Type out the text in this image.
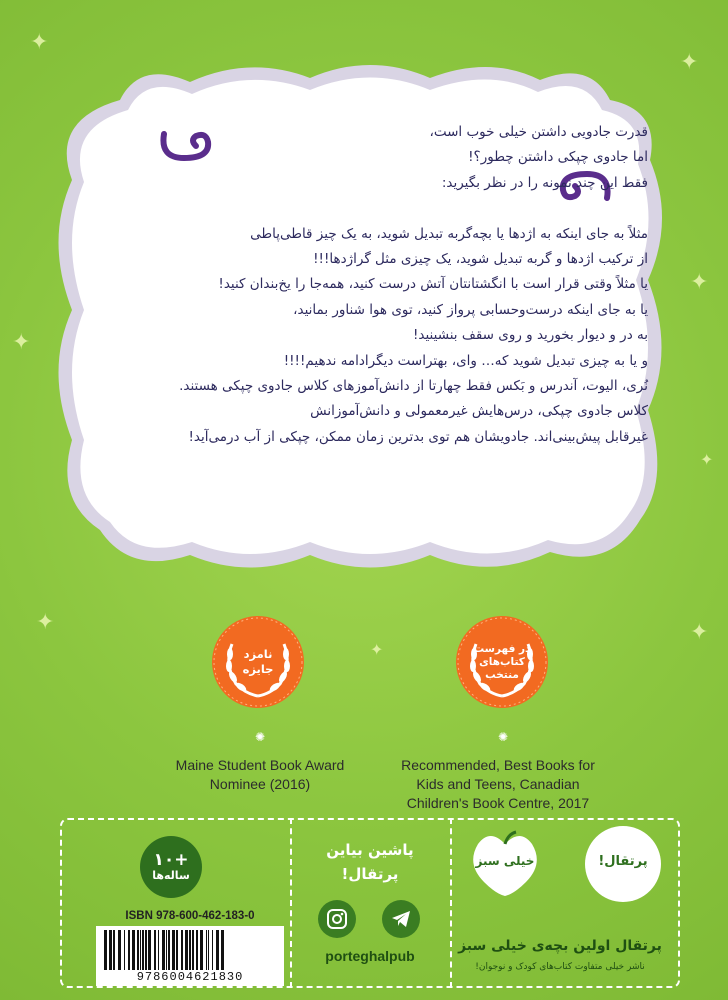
✦
✦
✦
✦
✦	✦
✦
✦

قدرت جادویی داشتن خیلی خوب است،

اما جادوی چپکی داشتن چطور؟!

فقط این چند نمونه را در نظر بگیرید:

مثلاً به جای اینکه به اژدها یا بچه‌گربه تبدیل شوید، به یک چیز قاطی‌پاطی

از ترکیب اژدها و گربه تبدیل شوید، یک چیزی مثل گرا‌ژدها!!!

یا مثلاً وقتی قرار است با انگشتانتان آتش درست کنید، همه‌جا را یخ‌بندان کنید!

یا به جای اینکه درست‌وحسابی پرواز کنید، توی هوا شناور بمانید،

به در و دیوار بخورید و روی سقف بنشینید!

و یا به چیزی تبدیل شوید که… وای، بهتراست دیگرادامه ندهیم!!!!

نُری، الیوت، آندرس و بَکس فقط چهارتا از دانش‌آموزهای کلاس جادوی چپکی هستند.

کلاس جادوی چپکی، درس‌هایش غیرمعمولی و دانش‌آموزانش

غیرقابل پیش‌بینی‌اند. جادویشان هم توی بدترین زمان ممکن، چپکی از آب درمی‌آید!

نامزد
جایزه
در فهرست
کتاب‌های
منتخب
✺	✺
Maine Student Book Award
Nominee (2016)
Recommended, Best Books for
Kids and Teens, Canadian
Children's Book Centre, 2017
+۱۰
ساله‌ها
ISBN 978-600-462-183-0
9786004621830
پاشین بیاین
پرتقال!
porteghalpub
خیلی سبز	پرتقال!
پرتقال اولین بچه‌ی خیلی سبز
ناشر خیلی متفاوت کتاب‌های کودک و نوجوان!
